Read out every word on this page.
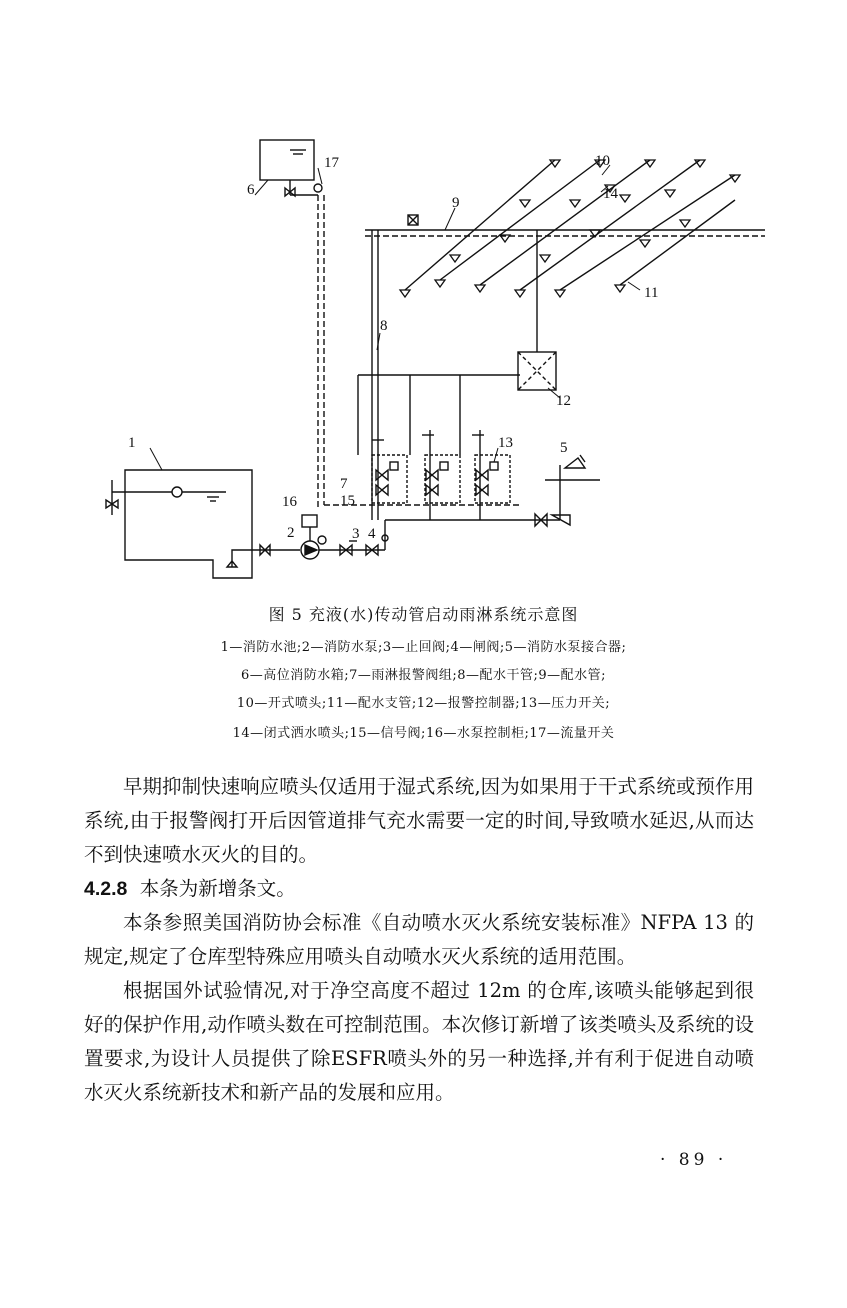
1
2	3 4
5
6
7
8
9
10
11
12
13
14
15
16
17
图 5 充液(水)传动管启动雨淋系统示意图
1—消防水池;2—消防水泵;3—止回阀;4—闸阀;5—消防水泵接合器;
6—高位消防水箱;7—雨淋报警阀组;8—配水干管;9—配水管;
10—开式喷头;11—配水支管;12—报警控制器;13—压力开关;
14—闭式洒水喷头;15—信号阀;16—水泵控制柜;17—流量开关

早期抑制快速响应喷头仅适用于湿式系统,因为如果用于干式系统或预作用系统,由于报警阀打开后因管道排气充水需要一定的时间,导致喷水延迟,从而达不到快速喷水灭火的目的。

4.2.8 本条为新增条文。

本条参照美国消防协会标准《自动喷水灭火系统安装标准》NFPA 13 的规定,规定了仓库型特殊应用喷头自动喷水灭火系统的适用范围。

根据国外试验情况,对于净空高度不超过 12m 的仓库,该喷头能够起到很好的保护作用,动作喷头数在可控制范围。本次修订新增了该类喷头及系统的设置要求,为设计人员提供了除ESFR喷头外的另一种选择,并有利于促进自动喷水灭火系统新技术和新产品的发展和应用。

· 89 ·
